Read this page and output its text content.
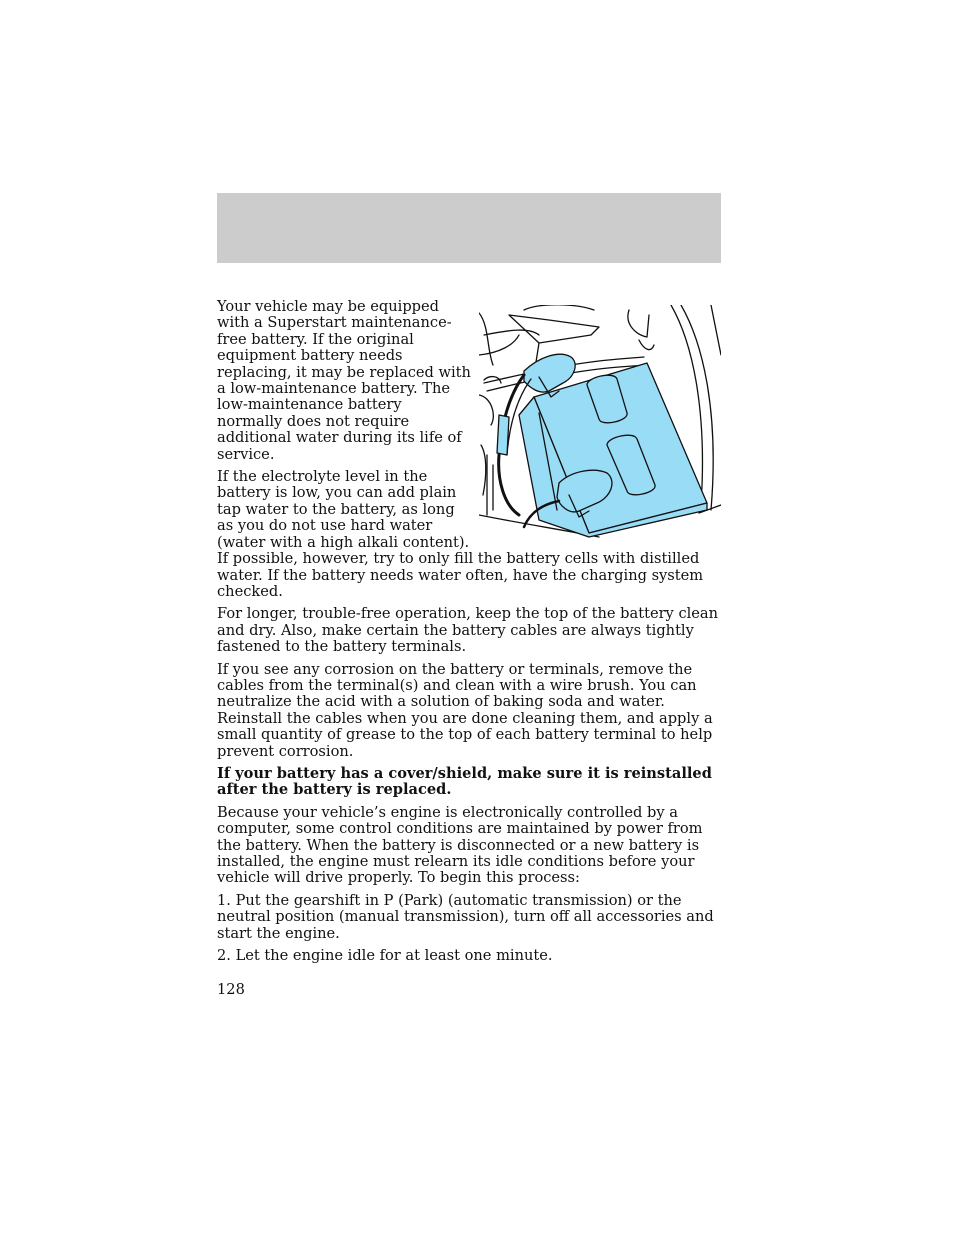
Your vehicle may be equipped with a Superstart maintenance-free battery. If the original equipment battery needs replacing, it may be replaced with a low-maintenance battery. The low-maintenance battery normally does not require additional water during its life of service.

If the electrolyte level in the battery is low, you can add plain tap water to the battery, as long as you do not use hard water (water with a high alkali content). If possible, however, try to only fill the battery cells with distilled water. If the battery needs water often, have the charging system checked.

For longer, trouble-free operation, keep the top of the battery clean and dry. Also, make certain the battery cables are always tightly fastened to the battery terminals.

If you see any corrosion on the battery or terminals, remove the cables from the terminal(s) and clean with a wire brush. You can neutralize the acid with a solution of baking soda and water. Reinstall the cables when you are done cleaning them, and apply a small quantity of grease to the top of each battery terminal to help prevent corrosion.

If your battery has a cover/shield, make sure it is reinstalled after the battery is replaced.

Because your vehicle’s engine is electronically controlled by a computer, some control conditions are maintained by power from the battery. When the battery is disconnected or a new battery is installed, the engine must relearn its idle conditions before your vehicle will drive properly. To begin this process:

1. Put the gearshift in P (Park) (automatic transmission) or the neutral position (manual transmission), turn off all accessories and start the engine.

2. Let the engine idle for at least one minute.

128
